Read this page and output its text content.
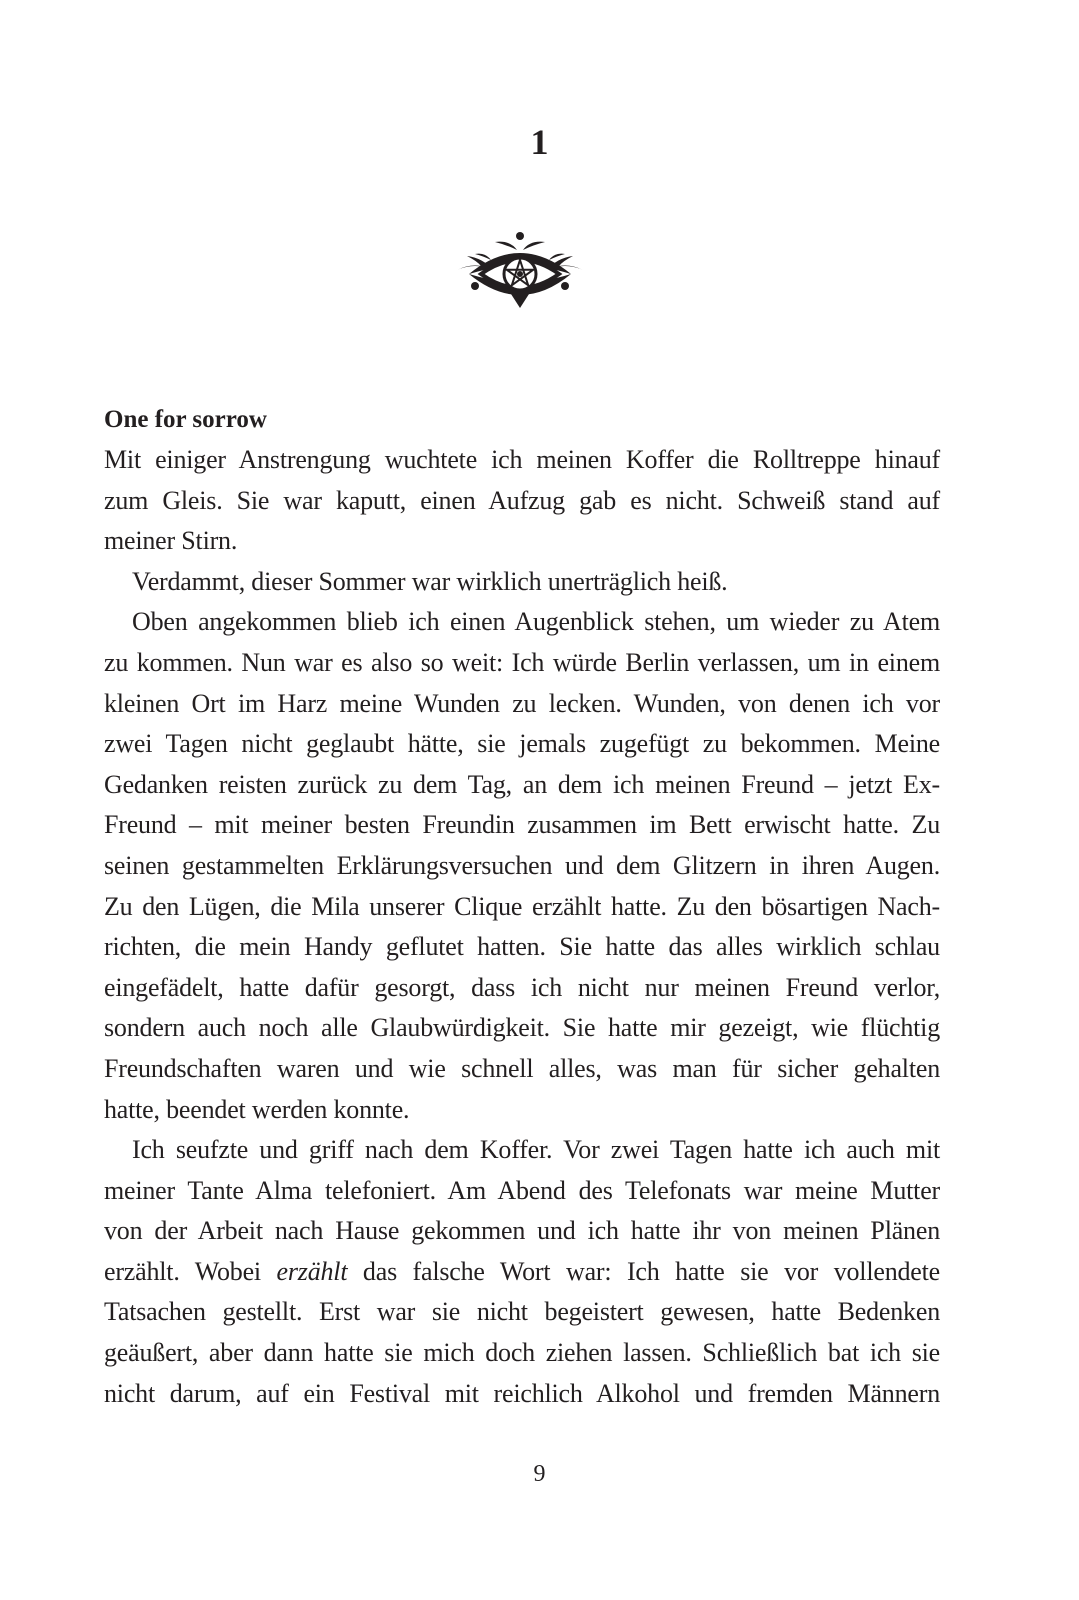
1
One for sorrow
Mit einiger Anstrengung wuchtete ich meinen Koffer die Rolltreppe hinauf
zum Gleis. Sie war kaputt, einen Aufzug gab es nicht. Schweiß stand auf
meiner Stirn.
Verdammt, dieser Sommer war wirklich unerträglich heiß.
Oben angekommen blieb ich einen Augenblick stehen, um wieder zu Atem
zu kommen. Nun war es also so weit: Ich würde Berlin verlassen, um in einem
kleinen Ort im Harz meine Wunden zu lecken. Wunden, von denen ich vor
zwei Tagen nicht geglaubt hätte, sie jemals zugefügt zu bekommen. Meine
Gedanken reisten zurück zu dem Tag, an dem ich meinen Freund – jetzt Ex-
Freund – mit meiner besten Freundin zusammen im Bett erwischt hatte. Zu
seinen gestammelten Erklärungsversuchen und dem Glitzern in ihren Augen.
Zu den Lügen, die Mila unserer Clique erzählt hatte. Zu den bösartigen Nach-
richten, die mein Handy geflutet hatten. Sie hatte das alles wirklich schlau
eingefädelt, hatte dafür gesorgt, dass ich nicht nur meinen Freund verlor,
sondern auch noch alle Glaubwürdigkeit. Sie hatte mir gezeigt, wie flüchtig
Freundschaften waren und wie schnell alles, was man für sicher gehalten
hatte, beendet werden konnte.
Ich seufzte und griff nach dem Koffer. Vor zwei Tagen hatte ich auch mit
meiner Tante Alma telefoniert. Am Abend des Telefonats war meine Mutter
von der Arbeit nach Hause gekommen und ich hatte ihr von meinen Plänen
erzählt. Wobei erzählt das falsche Wort war: Ich hatte sie vor vollendete
Tatsachen gestellt. Erst war sie nicht begeistert gewesen, hatte Bedenken
geäußert, aber dann hatte sie mich doch ziehen lassen. Schließlich bat ich sie
nicht darum, auf ein Festival mit reichlich Alkohol und fremden Männern
9
